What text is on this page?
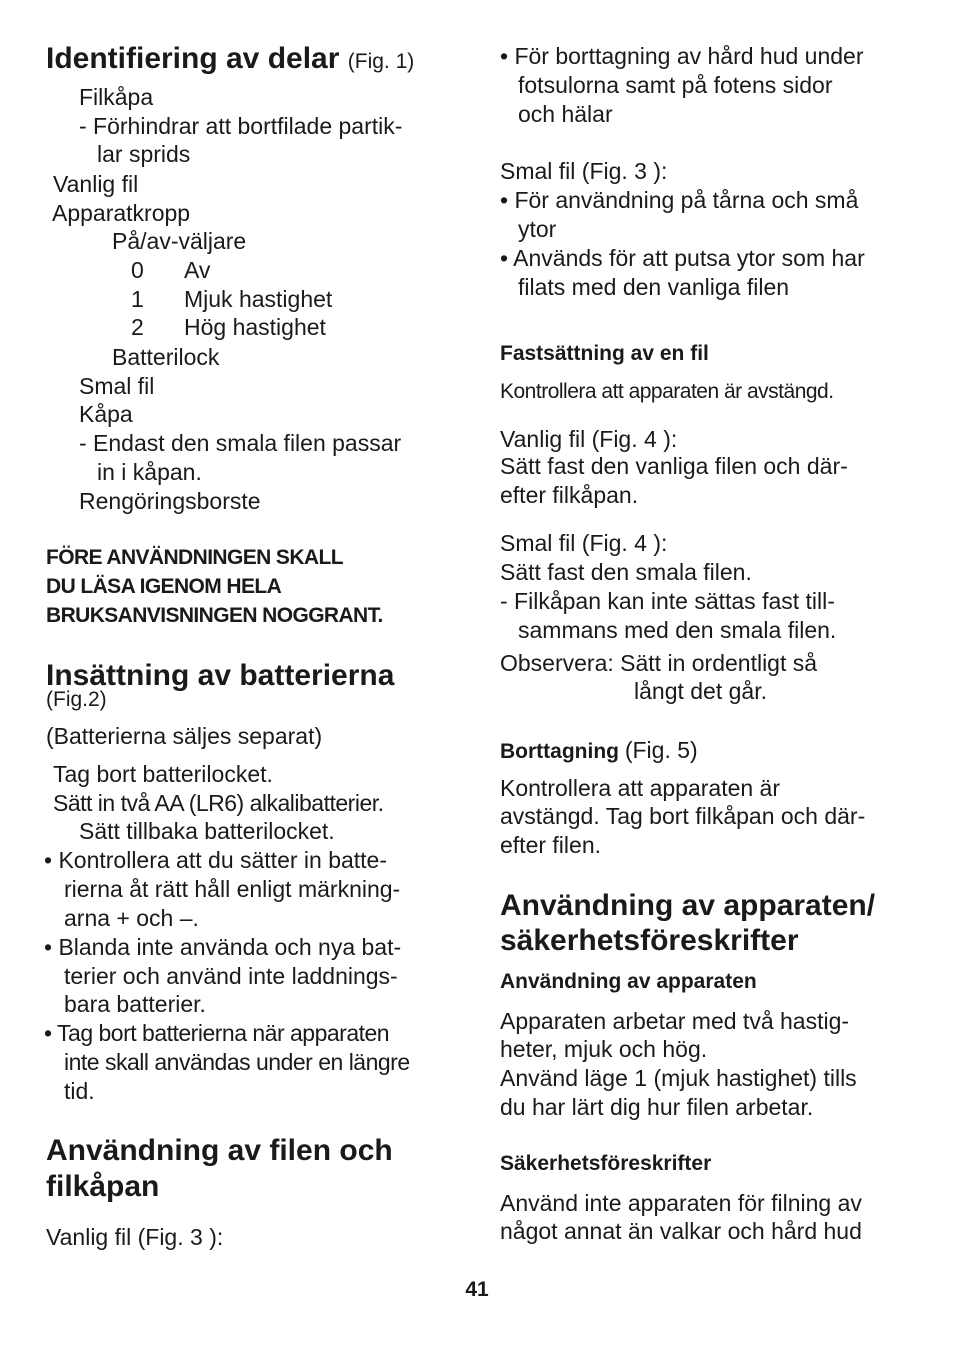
Identifiering av delar (Fig. 1)
Filkåpa
- Förhindrar att bortfilade partik-
lar sprids
Vanlig fil
Apparatkropp
På/av-väljare
0 Av
1 Mjuk hastighet
2 Hög hastighet
Batterilock
Smal fil
Kåpa
- Endast den smala filen passar
in i kåpan.
Rengöringsborste
FÖRE ANVÄNDNINGEN SKALL
DU LÄSA IGENOM HELA
BRUKSANVISNINGEN NOGGRANT.
Insättning av batterierna
(Fig.2)
(Batterierna säljes separat)
Tag bort batterilocket.
Sätt in två AA (LR6) alkalibatterier.
Sätt tillbaka batterilocket.
• Kontrollera att du sätter in batte-
rierna åt rätt håll enligt märkning-
arna + och –.
• Blanda inte använda och nya bat-
terier och använd inte laddnings-
bara batterier.
• Tag bort batterierna när apparaten
inte skall användas under en längre
tid.
Användning av filen och
filkåpan
Vanlig fil (Fig. 3 ):
• För borttagning av hård hud under
fotsulorna samt på fotens sidor
och hälar
Smal fil (Fig. 3 ):
• För användning på tårna och små
ytor
• Används för att putsa ytor som har
filats med den vanliga filen
Fastsättning av en fil
Kontrollera att apparaten är avstängd.
Vanlig fil (Fig. 4 ):
Sätt fast den vanliga filen och där-
efter filkåpan.
Smal fil (Fig. 4 ):
Sätt fast den smala filen.
- Filkåpan kan inte sättas fast till-
sammans med den smala filen.
Observera: Sätt in ordentligt så
långt det går.
Borttagning (Fig. 5)
Kontrollera att apparaten är
avstängd. Tag bort filkåpan och där-
efter filen.
Användning av apparaten/
säkerhetsföreskrifter
Användning av apparaten
Apparaten arbetar med två hastig-
heter, mjuk och hög.
Använd läge 1 (mjuk hastighet) tills
du har lärt dig hur filen arbetar.
Säkerhetsföreskrifter
Använd inte apparaten för filning av
något annat än valkar och hård hud
41
